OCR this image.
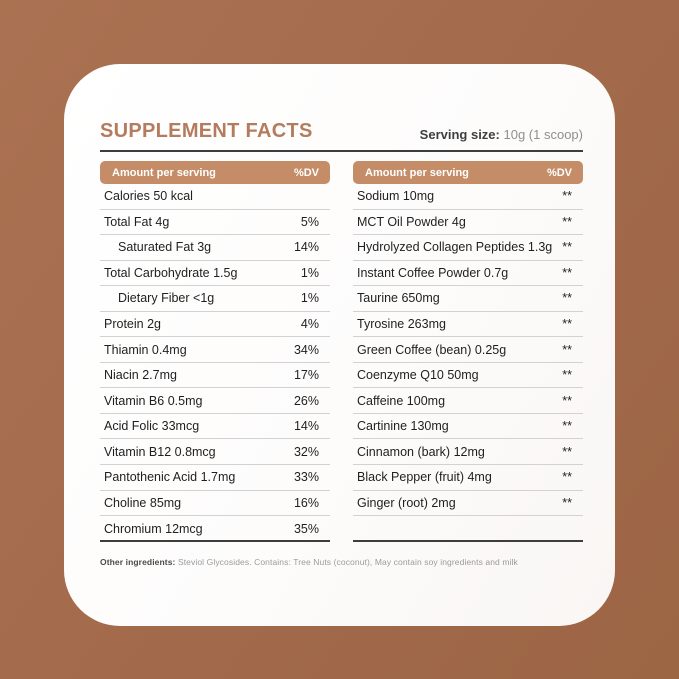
SUPPLEMENT FACTS	Serving size: 10g (1 scoop)
Amount per serving	%DV
Calories 50 kcal
Total Fat 4g	5%
Saturated Fat 3g	14%
Total Carbohydrate 1.5g	1%
Dietary Fiber <1g	1%
Protein 2g	4%
Thiamin 0.4mg	34%
Niacin 2.7mg	17%
Vitamin B6 0.5mg	26%
Acid Folic 33mcg	14%
Vitamin B12 0.8mcg	32%
Pantothenic Acid 1.7mg	33%
Choline 85mg	16%
Chromium 12mcg	35%
Amount per serving	%DV
Sodium 10mg	**
MCT Oil Powder 4g	**
Hydrolyzed Collagen Peptides 1.3g **
Instant Coffee Powder 0.7g	**
Taurine 650mg	**
Tyrosine 263mg	**
Green Coffee (bean) 0.25g	**
Coenzyme Q10 50mg	**
Caffeine 100mg	**
Cartinine 130mg	**
Cinnamon (bark) 12mg	**
Black Pepper (fruit) 4mg	**
Ginger (root) 2mg	**
Other ingredients: Steviol Glycosides. Contains: Tree Nuts (coconut), May contain soy ingredients and milk
